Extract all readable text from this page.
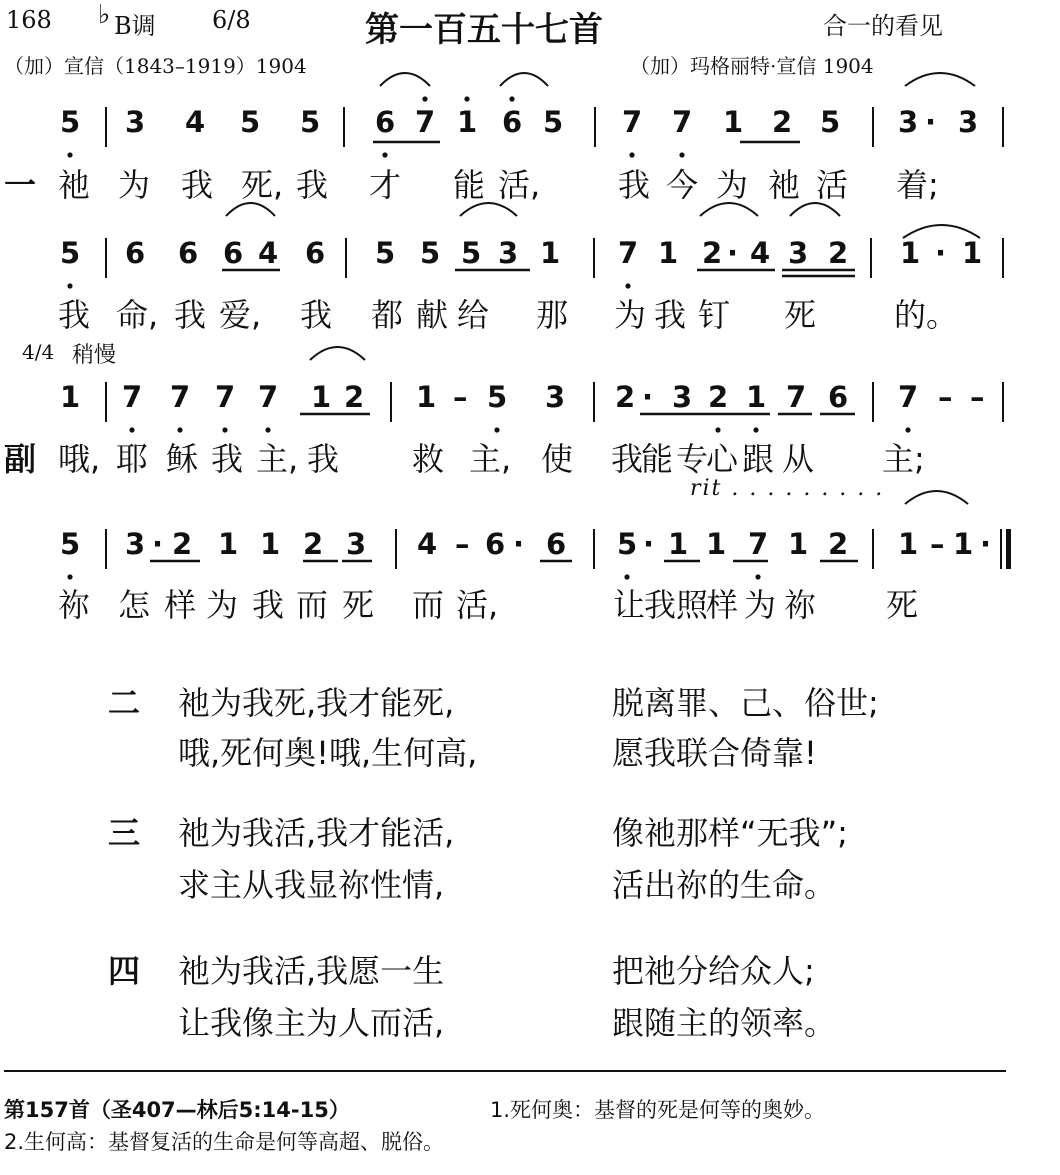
168 ♭ B调 6/8	第一百五十七首	合一的看见
（加）宣信（1843–1919）1904	（加）玛格丽特·宣信 1904
5 3 4 5 5 6 7 1 6 5 7 7 1 2 5 3 · 3
祂 为 我 死, 我 才 能 活, 我 今 为 祂 活 着;
一
5 6 6 6 4 6 5 5 5 3 1 7 1 2 · 4 3 2 1 · 1
我 命, 我 爱, 我 都 献 给 那 为 我 钉 死 的。
1 7 7 7 7 1 2 1 – 5 3 2 · 3 2 1 7 6 7 – –
哦, 耶 稣 我 主, 我 救 主, 使 我
能 专
心 跟 从 主;
副
5 3 · 2 1 1 2 3 4 – 6 · 6 5 · 1 1 7 1 2 1 – 1 ·
祢 怎 样 为 我 而 死 而 活,	让
我 照
样 为 祢 死
4/4 稍慢
rit . . . . . . . . .
二 祂为我死,我才能死,	脱离罪、己、俗世;
哦,死何奥!哦,生何高,	愿我联合倚靠!
三 祂为我活,我才能活,	像祂那样“无我”;
求主从我显祢性情,	活出祢的生命。
四 祂为我活,我愿一生	把祂分给众人;
让我像主为人而活,	跟随主的领率。
第157首（圣407—林后5:14-15）	1.死何奥：基督的死是何等的奥妙。
2.生何高：基督复活的生命是何等高超、脱俗。
